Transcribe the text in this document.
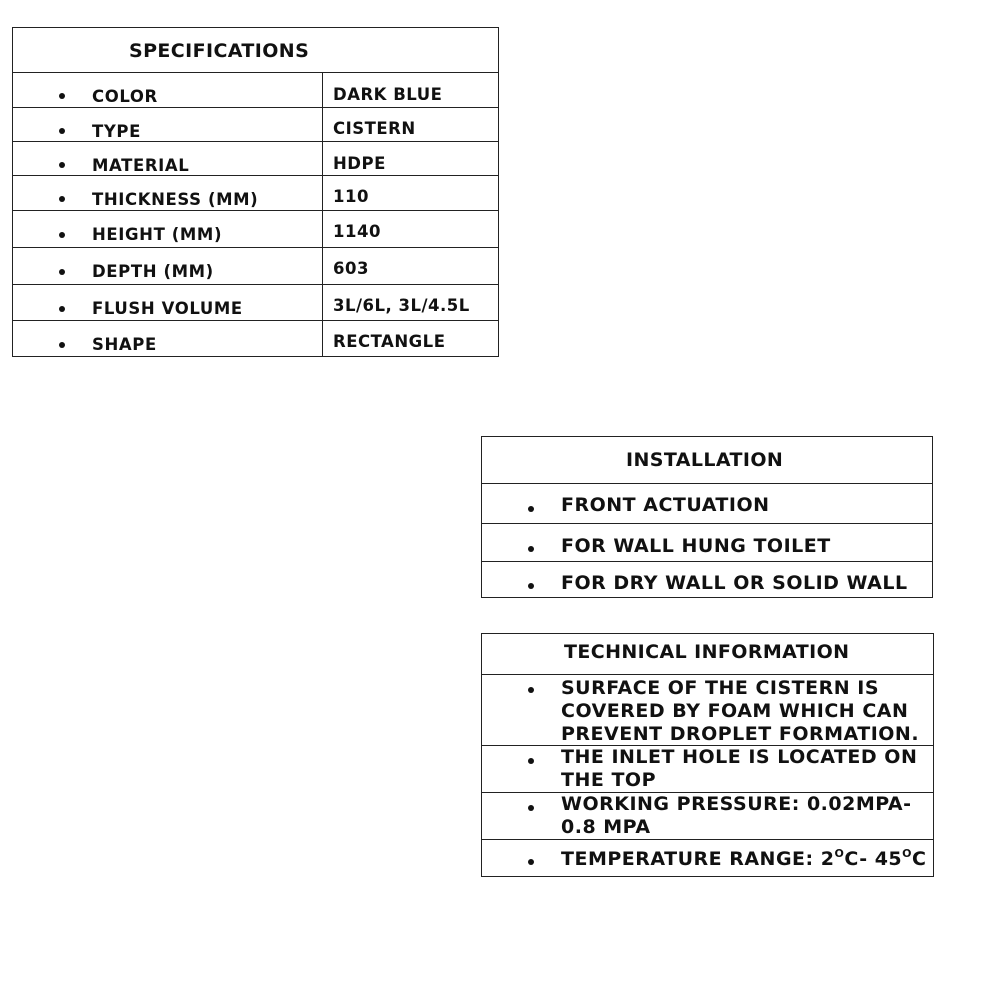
SPECIFICATIONS
COLOR	DARK BLUE
TYPE	CISTERN
MATERIAL	HDPE
THICKNESS (MM)	110
HEIGHT (MM)	1140
DEPTH (MM)	603
FLUSH VOLUME	3L/6L, 3L/4.5L
SHAPE	RECTANGLE
INSTALLATION
FRONT ACTUATION
FOR WALL HUNG TOILET
FOR DRY WALL OR SOLID WALL
TECHNICAL INFORMATION
SURFACE OF THE CISTERN IS
COVERED BY FOAM WHICH CAN
PREVENT DROPLET FORMATION.
THE INLET HOLE IS LOCATED ON
THE TOP
WORKING PRESSURE: 0.02MPA-
0.8 MPA
TEMPERATURE RANGE: $2^OC-$ $45^OC$
